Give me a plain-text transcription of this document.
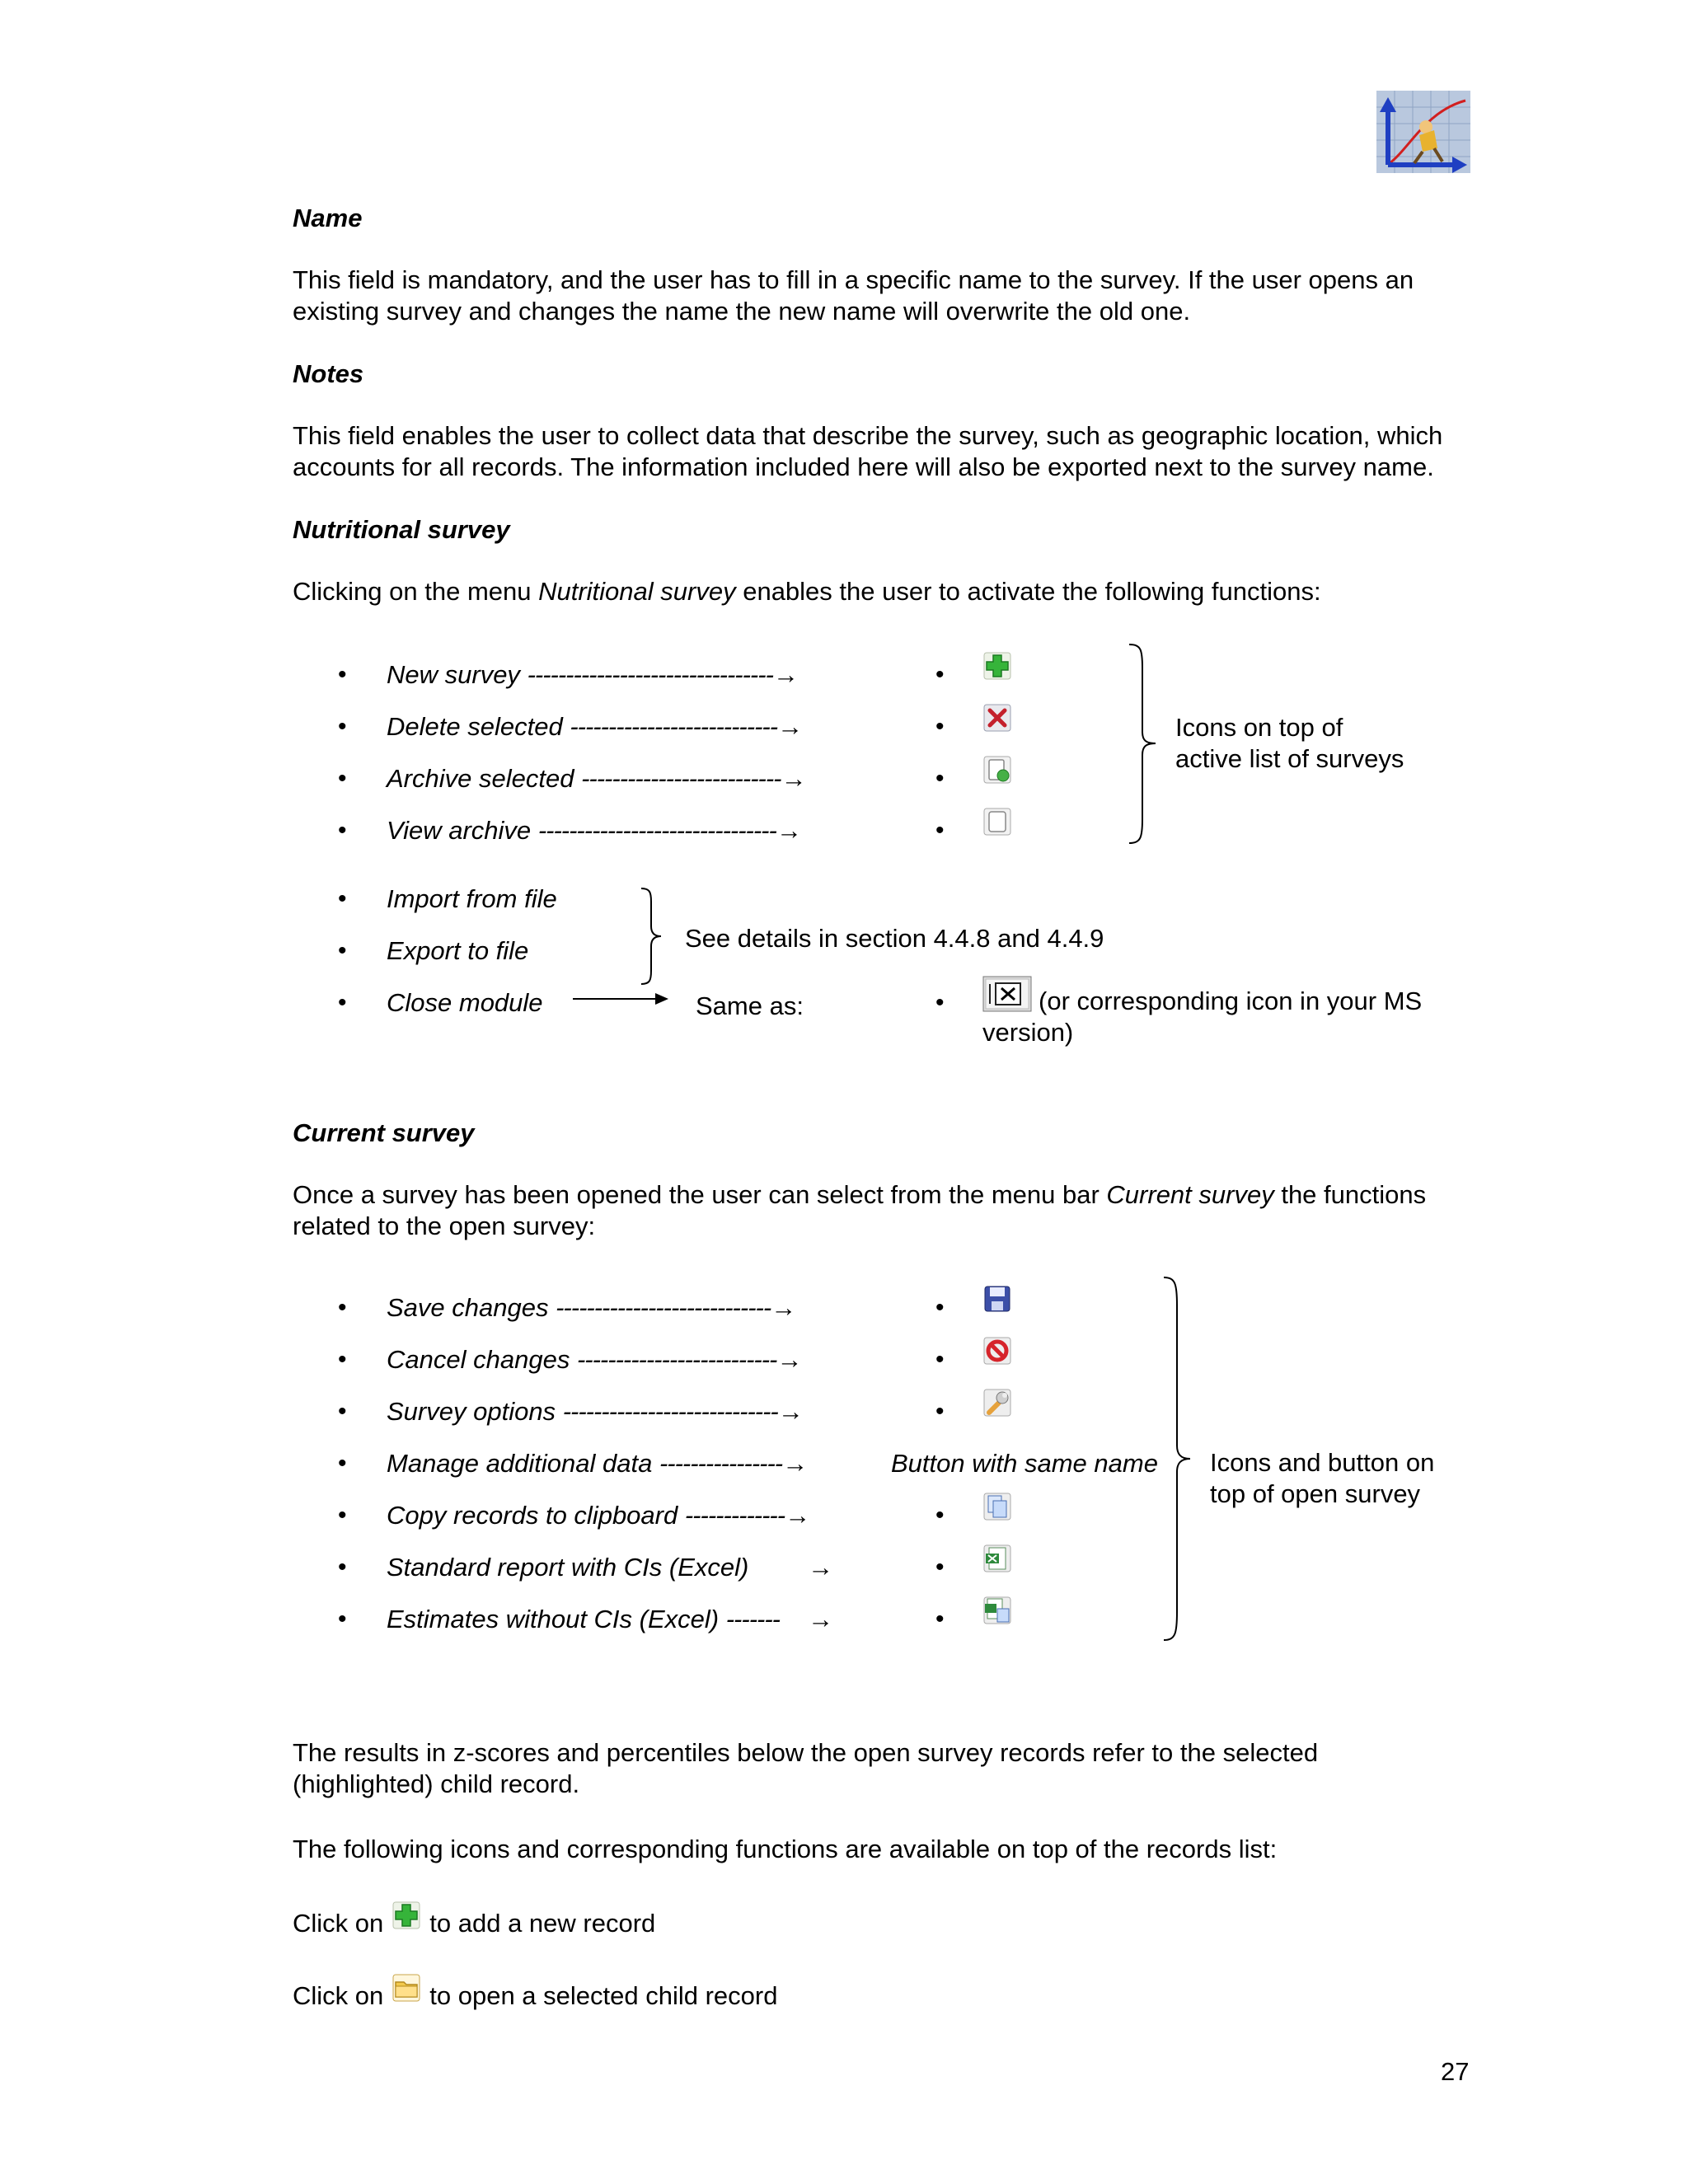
Name
This field is mandatory, and the user has to fill in a specific name to the survey. If the user opens an existing survey and changes the name the new name will overwrite the old one.
Notes
This field enables the user to collect data that describe the survey, such as geographic location, which accounts for all records. The information included here will also be exported next to the survey name.
Nutritional survey
Clicking on the menu Nutritional survey enables the user to activate the following functions:
• New survey --------------------------------→
• Delete selected ---------------------------→
• Archive selected --------------------------→
• View archive -------------------------------→
•
•
•
•
Icons on top of
active list of surveys
• Import from file
• Export to file
• Close module
See details in section 4.4.8 and 4.4.9
Same as:	•	(or corresponding icon in your MS
version)
Current survey
Once a survey has been opened the user can select from the menu bar Current survey the functions related to the open survey:
• Save changes ----------------------------→
• Cancel changes --------------------------→
• Survey options ----------------------------→
• Manage additional data ----------------→
• Copy records to clipboard -------------→
• Standard report with CIs (Excel) →
• Estimates without CIs (Excel) ------- →
•
•
•
Button with same name
•
•
•
Icons and button on
top of open survey
The results in z-scores and percentiles below the open survey records refer to the selected (highlighted) child record.
The following icons and corresponding functions are available on top of the records list:
Click on to add a new record
Click on to open a selected child record
27
